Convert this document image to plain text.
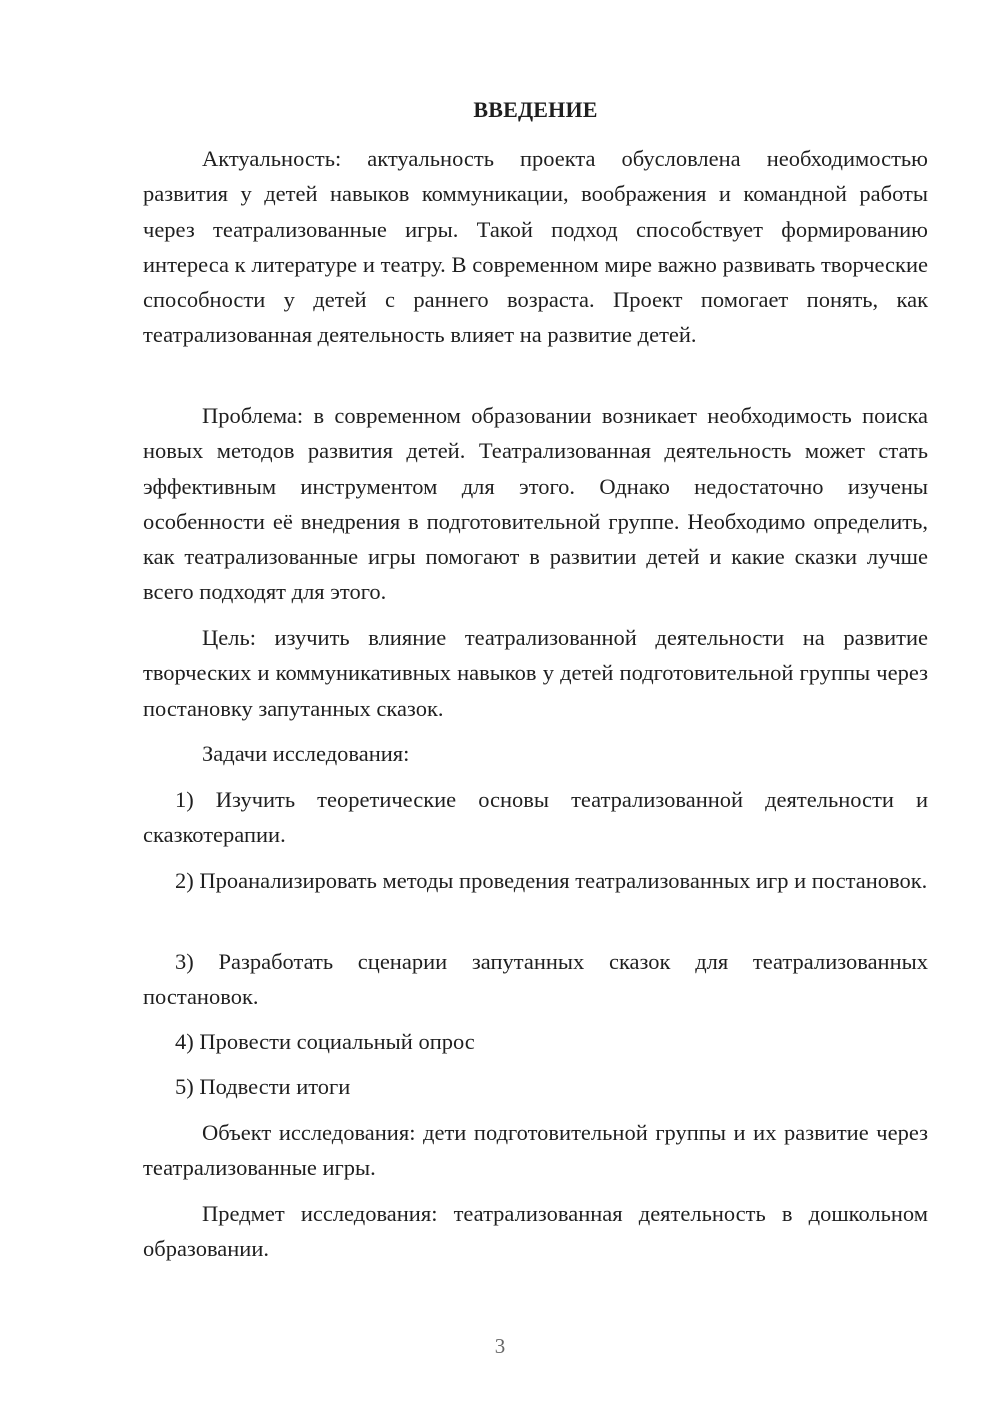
ВВЕДЕНИЕ

Актуальность: актуальность проекта обусловлена необходимостью развития у детей навыков коммуникации, воображения и командной работы через театрализованные игры. Такой подход способствует формированию интереса к литературе и театру. В современном мире важно развивать творческие способности у детей с раннего возраста. Проект помогает понять, как театрализованная деятельность влияет на развитие детей.

Проблема: в современном образовании возникает необходимость поиска новых методов развития детей. Театрализованная деятельность может стать эффективным инструментом для этого. Однако недостаточно изучены особенности её внедрения в подготовительной группе. Необходимо определить, как театрализованные игры помогают в развитии детей и какие сказки лучше всего подходят для этого.

Цель: изучить влияние театрализованной деятельности на развитие творческих и коммуникативных навыков у детей подготовительной группы через постановку запутанных сказок.

Задачи исследования:

1) Изучить теоретические основы театрализованной деятельности и сказкотерапии.

2) Проанализировать методы проведения театрализованных игр и постановок.

3) Разработать сценарии запутанных сказок для театрализованных постановок.

4) Провести социальный опрос

5) Подвести итоги

Объект исследования: дети подготовительной группы и их развитие через театрализованные игры.

Предмет исследования: театрализованная деятельность в дошкольном образовании.

3
